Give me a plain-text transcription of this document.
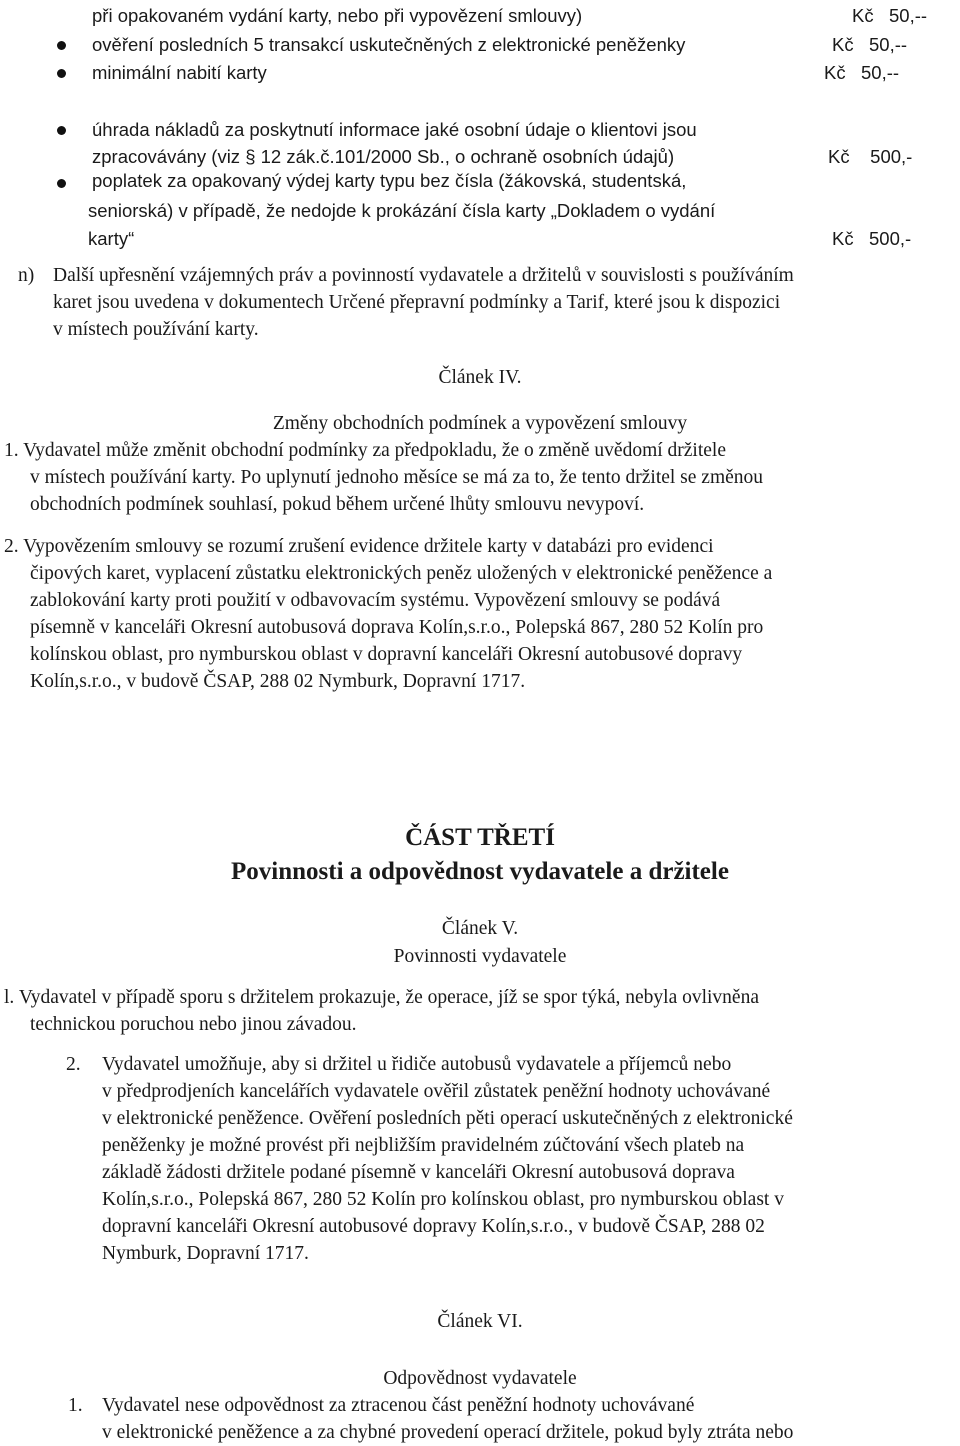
při opakovaném vydání karty, nebo při vypovězení smlouvy)	Kč   50,--
ověření posledních 5 transakcí uskutečněných z elektronické peněženky	Kč   50,--
minimální nabití karty	Kč   50,--
úhrada nákladů za poskytnutí informace jaké osobní údaje o klientovi jsou
zpracovávány (viz § 12 zák.č.101/2000 Sb., o ochraně osobních údajů)	Kč    500,-
poplatek za opakovaný výdej karty typu bez čísla (žákovská, studentská,
seniorská) v případě, že nedojde k prokázání čísla karty „Dokladem o vydání
karty“	Kč   500,-
n) Další upřesnění vzájemných práv a povinností vydavatele a držitelů v souvislosti s používáním
karet jsou uvedena v dokumentech Určené přepravní podmínky a Tarif, které jsou k dispozici
v místech používání karty.
Článek IV.
Změny obchodních podmínek a vypovězení smlouvy
1. Vydavatel může změnit obchodní podmínky za předpokladu, že o změně uvědomí držitele
v místech používání karty. Po uplynutí jednoho měsíce se má za to, že tento držitel se změnou
obchodních podmínek souhlasí, pokud během určené lhůty smlouvu nevypoví.
2. Vypovězením smlouvy se rozumí zrušení evidence držitele karty v databázi pro evidenci
čipových karet, vyplacení zůstatku elektronických peněz uložených v elektronické peněžence a
zablokování karty proti použití v odbavovacím systému. Vypovězení smlouvy se podává
písemně v kanceláři Okresní autobusová doprava Kolín,s.r.o., Polepská 867, 280 52 Kolín pro
kolínskou oblast, pro nymburskou oblast v dopravní kanceláři Okresní autobusové dopravy
Kolín,s.r.o., v budově ČSAP, 288 02 Nymburk, Dopravní 1717.
ČÁST TŘETÍ
Povinnosti a odpovědnost vydavatele a držitele
Článek V.
Povinnosti vydavatele
l. Vydavatel v případě sporu s držitelem prokazuje, že operace, jíž se spor týká, nebyla ovlivněna
technickou poruchou nebo jinou závadou.
2. Vydavatel umožňuje, aby si držitel u řidiče autobusů vydavatele a příjemců nebo
v předprodjeních kancelářích vydavatele ověřil zůstatek peněžní hodnoty uchovávané
v elektronické peněžence. Ověření posledních pěti operací uskutečněných z elektronické
peněženky je možné provést při nejbližším pravidelném zúčtování všech plateb na
základě žádosti držitele podané písemně v kanceláři Okresní autobusová doprava
Kolín,s.r.o., Polepská 867, 280 52 Kolín pro kolínskou oblast, pro nymburskou oblast v
dopravní kanceláři Okresní autobusové dopravy Kolín,s.r.o., v budově ČSAP, 288 02
Nymburk, Dopravní 1717.
Článek VI.
Odpovědnost vydavatele
1. Vydavatel nese odpovědnost za ztracenou část peněžní hodnoty uchovávané
v elektronické peněžence a za chybné provedení operací držitele, pokud byly ztráta nebo
